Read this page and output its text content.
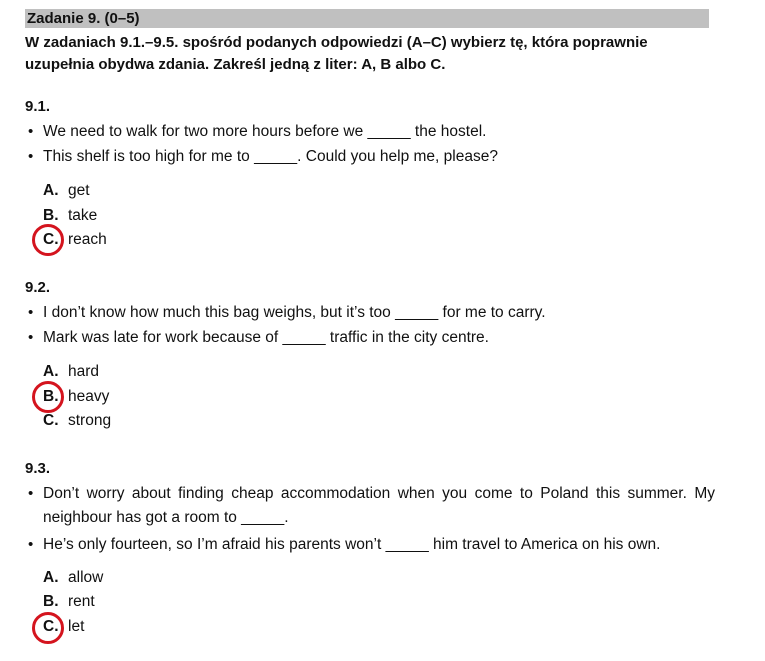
Zadanie 9. (0–5)
W zadaniach 9.1.–9.5. spośród podanych odpowiedzi (A–C) wybierz tę, która poprawnie uzupełnia obydwa zdania. Zakreśl jedną z liter: A, B albo C.
9.1.
• We need to walk for two more hours before we _____ the hostel.
• This shelf is too high for me to _____. Could you help me, please?
A. get
B. take
C. reach
9.2.
• I don’t know how much this bag weighs, but it’s too _____ for me to carry.
• Mark was late for work because of _____ traffic in the city centre.
A. hard
B. heavy
C. strong
9.3.
• Don’t worry about finding cheap accommodation when you come to Poland this summer. My neighbour has got a room to _____.
• He’s only fourteen, so I’m afraid his parents won’t _____ him travel to America on his own.
A. allow
B. rent
C. let
